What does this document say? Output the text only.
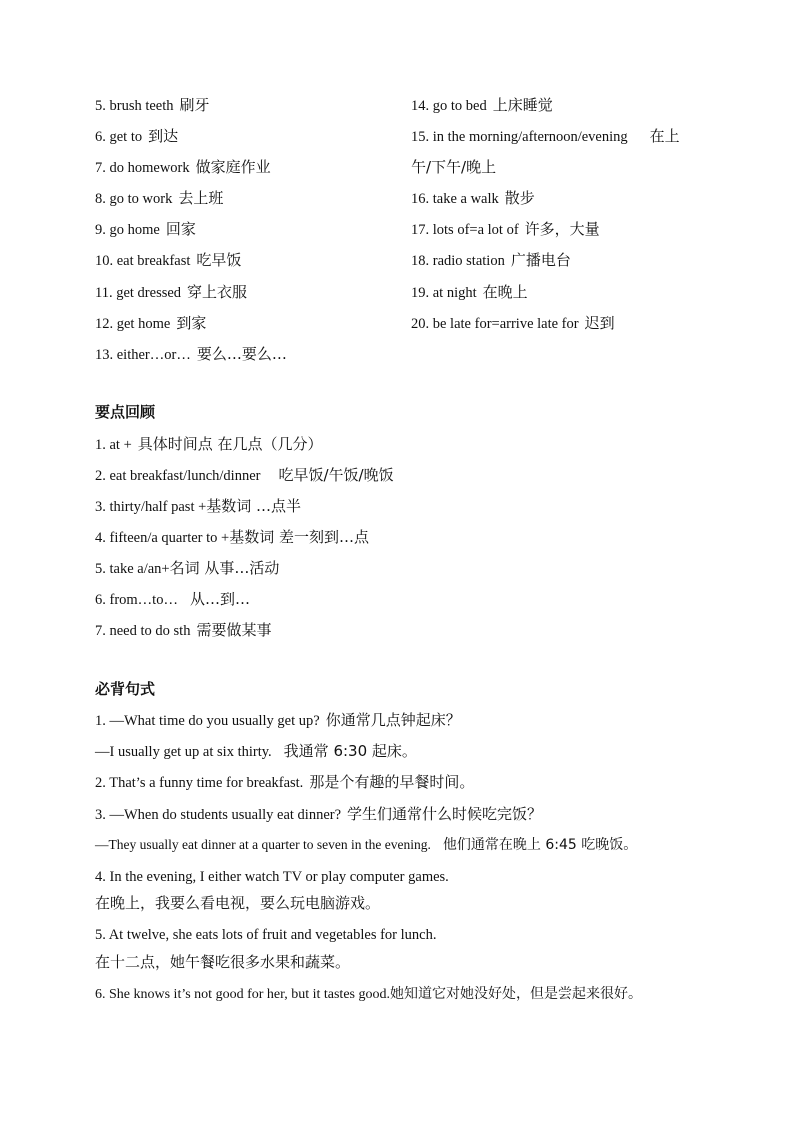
5. brush teeth 刷牙
6. get to 到达
7. do homework 做家庭作业
8. go to work 去上班
9. go home 回家
10. eat breakfast 吃早饭
11. get dressed 穿上衣服
12. get home 到家
13. either…or… 要么…要么…
14. go to bed 上床睡觉
15. in the morning/afternoon/evening 在上
午/下午/晚上
16. take a walk 散步
17. lots of=a lot of 许多，大量
18. radio station 广播电台
19. at night 在晚上
20. be late for=arrive late for 迟到
要点回顾
1. at + 具体时间点 在几点（几分）
2. eat breakfast/lunch/dinner 吃早饭/午饭/晚饭
3. thirty/half past +基数词 …点半
4. fifteen/a quarter to +基数词 差一刻到…点
5. take a/an+名词 从事…活动
6. from…to… 从…到…
7. need to do sth 需要做某事
必背句式
1. —What time do you usually get up? 你通常几点钟起床？
—I usually get up at six thirty. 我通常 6:30 起床。
2. That’s a funny time for breakfast. 那是个有趣的早餐时间。
3. —When do students usually eat dinner? 学生们通常什么时候吃完饭？
—They usually eat dinner at a quarter to seven in the evening. 他们通常在晚上 6:45 吃晚饭。
4. In the evening, I either watch TV or play computer games.
在晚上，我要么看电视，要么玩电脑游戏。
5. At twelve, she eats lots of fruit and vegetables for lunch.
在十二点，她午餐吃很多水果和蔬菜。
6. She knows it’s not good for her, but it tastes good.她知道它对她没好处，但是尝起来很好。
